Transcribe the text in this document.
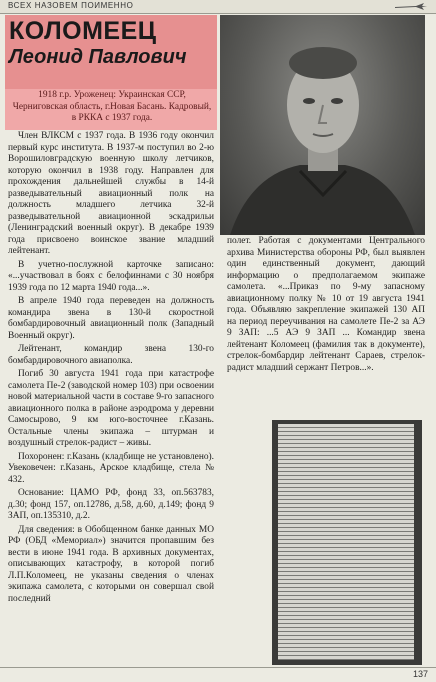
ВСЕХ НАЗОВЕМ ПОИМЕННО
КОЛОМЕЕЦ
Леонид Павлович
1918 г.р. Уроженец: Украинская ССР, Черниговская область, г.Новая Басань. Кадровый, в РККА с 1937 года.

Член ВЛКСМ с 1937 года. В 1936 году окончил первый курс института. В 1937-м поступил во 2-ю Ворошиловградскую военную школу летчиков, которую окончил в 1938 году. Направлен для прохождения дальнейшей службы в 14-й разведывательный авиационный полк на должность младшего летчика 32-й разведывательной авиационной эскадрильи (Ленинградский военный округ). В декабре 1939 года присвоено воинское звание младший лейтенант.

В учетно-послужной карточке записано: «...участвовал в боях с белофиннами с 30 ноября 1939 года по 12 марта 1940 года...».

В апреле 1940 года переведен на должность командира звена в 130-й скоростной бомбардировочный авиационный полк (Западный Военный округ).

Лейтенант, командир звена 130-го бомбардировочного авиаполка.

Погиб 30 августа 1941 года при катастрофе самолета Пе-2 (заводской номер 103) при освоении новой материальной части в составе 9-го запасного авиационного полка в районе аэродрома у деревни Самосырово, 9 км юго-восточнее г.Казань. Остальные члены экипажа – штурман и воздушный стрелок-радист – живы.

Похоронен: г.Казань (кладбище не установлено). Увековечен: г.Казань, Арское кладбище, стела № 432.

Основание: ЦАМО РФ, фонд 33, оп.563783, д.30; фонд 157, оп.12786, д.58, д.60, д.149; фонд 9 ЗАП, оп.135310, д.2.

Для сведения: в Обобщенном банке данных МО РФ (ОБД «Мемориал») значится пропавшим без вести в июне 1941 года. В архивных документах, описывающих катастрофу, в которой погиб Л.П.Коломеец, не указаны сведения о членах экипажа самолета, с которыми он совершал свой последний

полет. Работая с документами Центрального архива Министерства обороны РФ, был выявлен один единственный документ, дающий информацию о предполагаемом экипаже самолета. «...Приказ по 9-му запасному авиационному полку № 10 от 19 августа 1941 года. Объявляю закрепление экипажей 130 АП на период переучивания на самолете Пе-2 за АЭ 9 ЗАП: ...5 АЭ 9 ЗАП ... Командир звена лейтенант Коломеец (фамилия так в документе), стрелок-бомбардир лейтенант Сараев, стрелок-радист младший сержант Петров...».

137
